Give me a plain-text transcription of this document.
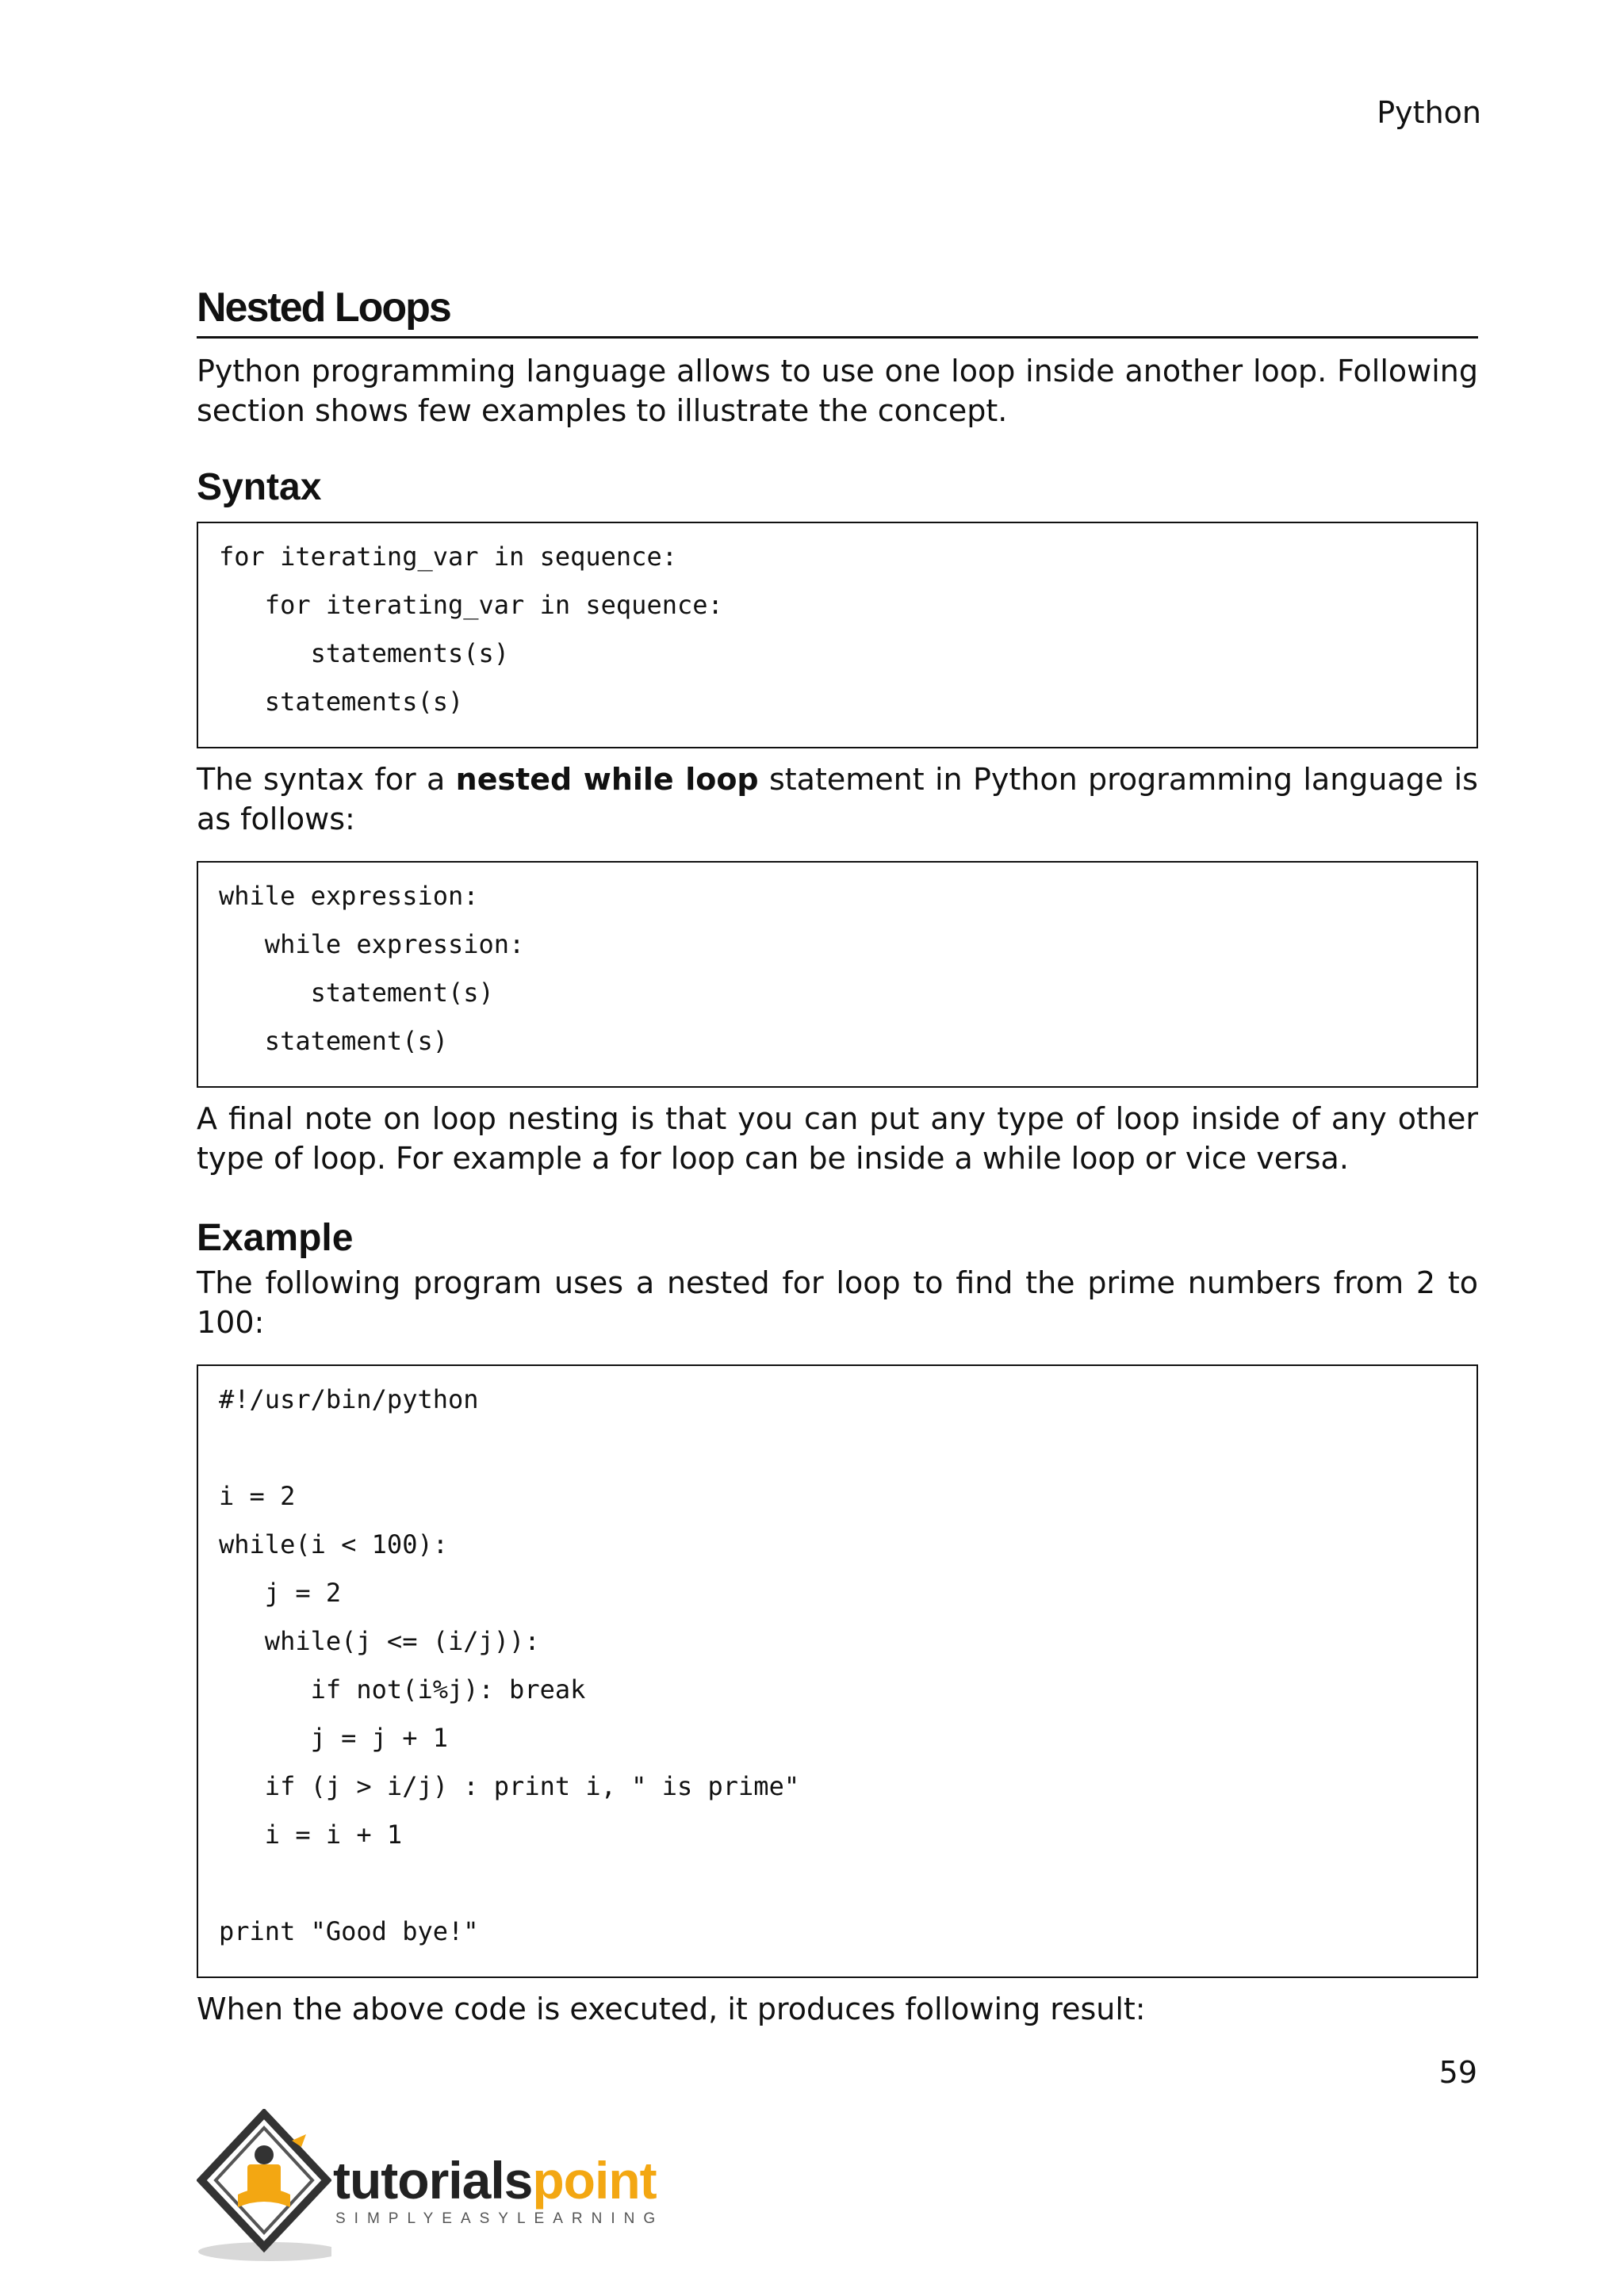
Python
Nested Loops

Python programming language allows to use one loop inside another loop. Following section shows few examples to illustrate the concept.

Syntax
for iterating_var in sequence:
for iterating_var in sequence:
statements(s)
statements(s)

The syntax for a nested while loop statement in Python programming language is as follows:

while expression:
while expression:
statement(s)
statement(s)

A final note on loop nesting is that you can put any type of loop inside of any other type of loop. For example a for loop can be inside a while loop or vice versa.

Example

The following program uses a nested for loop to find the prime numbers from 2 to 100:

#!/usr/bin/python
i = 2
while(i < 100):
j = 2
while(j <= (i/j)):
if not(i%j): break
j = j + 1
if (j > i/j) : print i, " is prime"
i = i + 1
print "Good bye!"

When the above code is executed, it produces following result:

59
tutorialspoint
SIMPLYEASYLEARNING
